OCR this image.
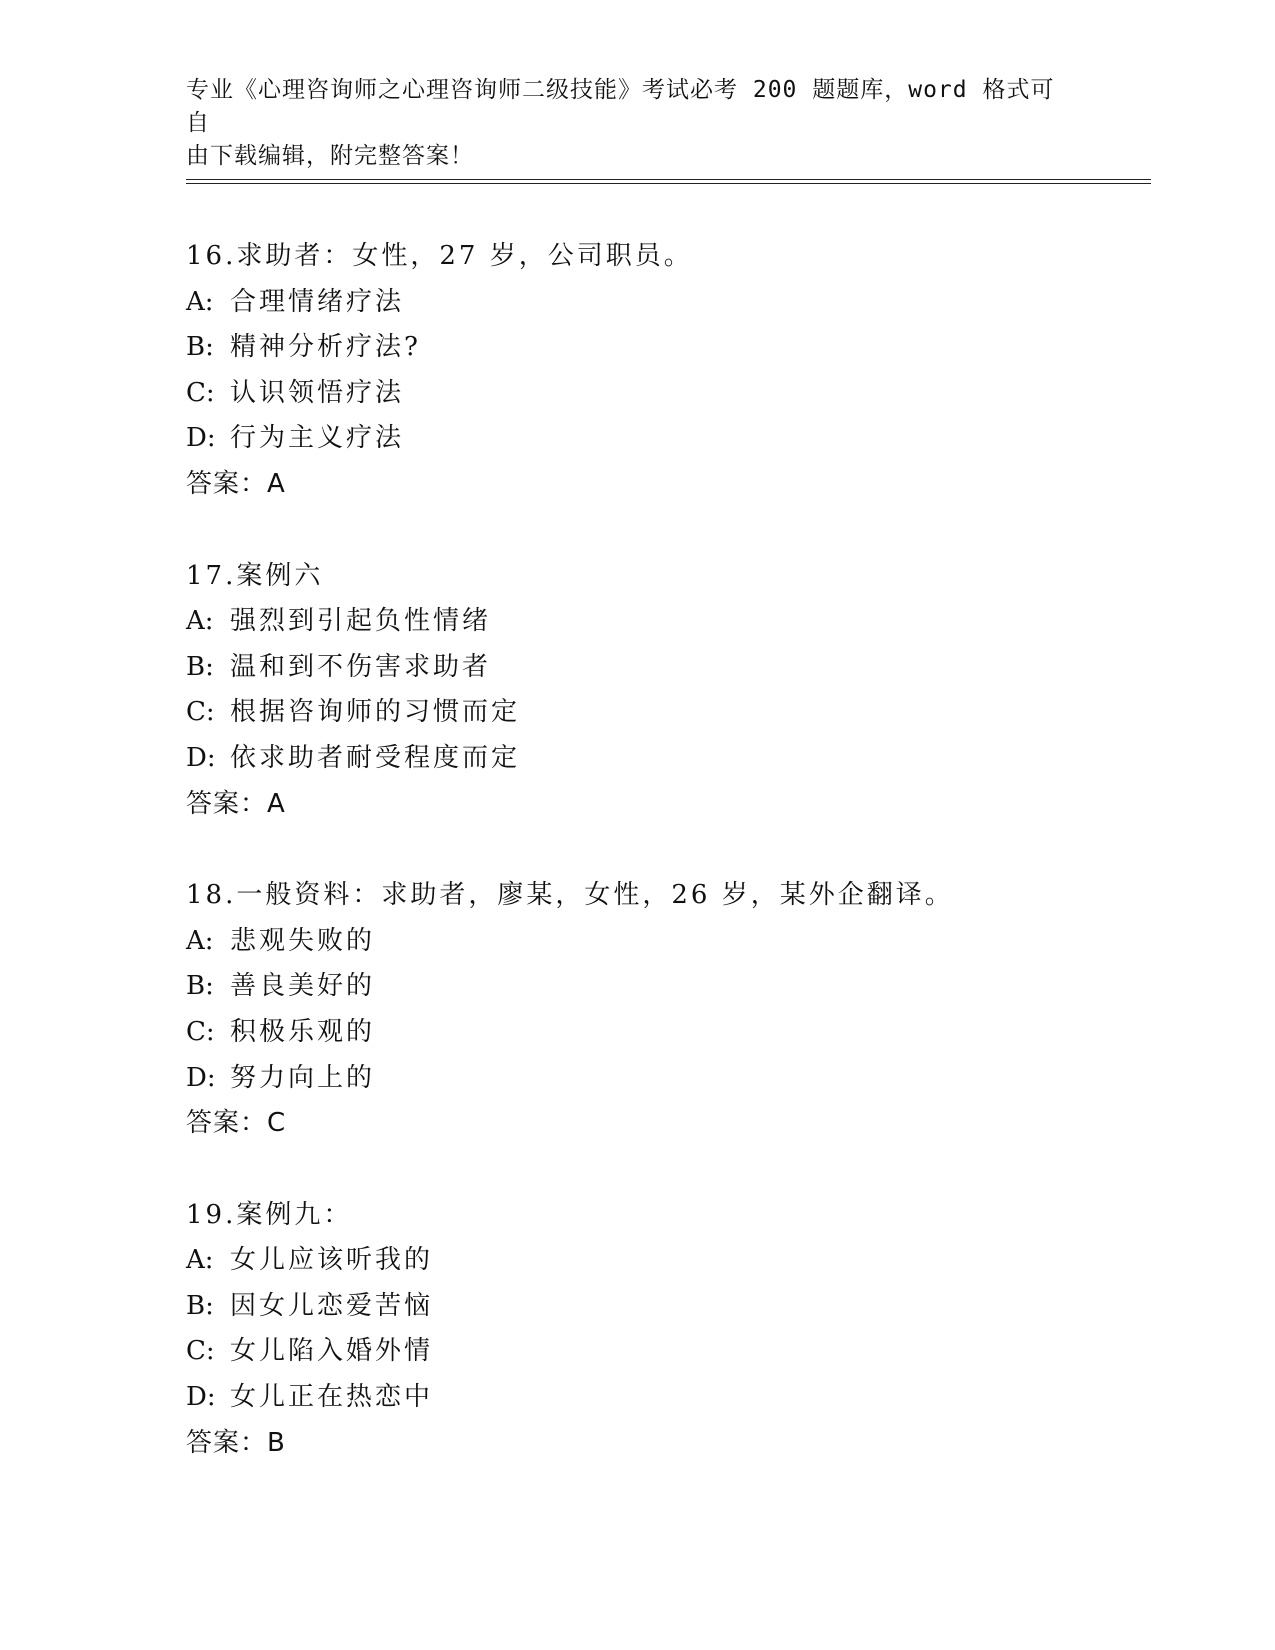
专业《心理咨询师之心理咨询师二级技能》考试必考 200 题题库，word 格式可自
由下载编辑，附完整答案！
16.求助者：女性，27 岁，公司职员。
A: 合理情绪疗法
B: 精神分析疗法?
C: 认识领悟疗法
D: 行为主义疗法
答案：A
17.案例六
A: 强烈到引起负性情绪
B: 温和到不伤害求助者
C: 根据咨询师的习惯而定
D: 依求助者耐受程度而定
答案：A
18.一般资料：求助者，廖某，女性，26 岁，某外企翻译。
A: 悲观失败的
B: 善良美好的
C: 积极乐观的
D: 努力向上的
答案：C
19.案例九：
A: 女儿应该听我的
B: 因女儿恋爱苦恼
C: 女儿陷入婚外情
D: 女儿正在热恋中
答案：B
